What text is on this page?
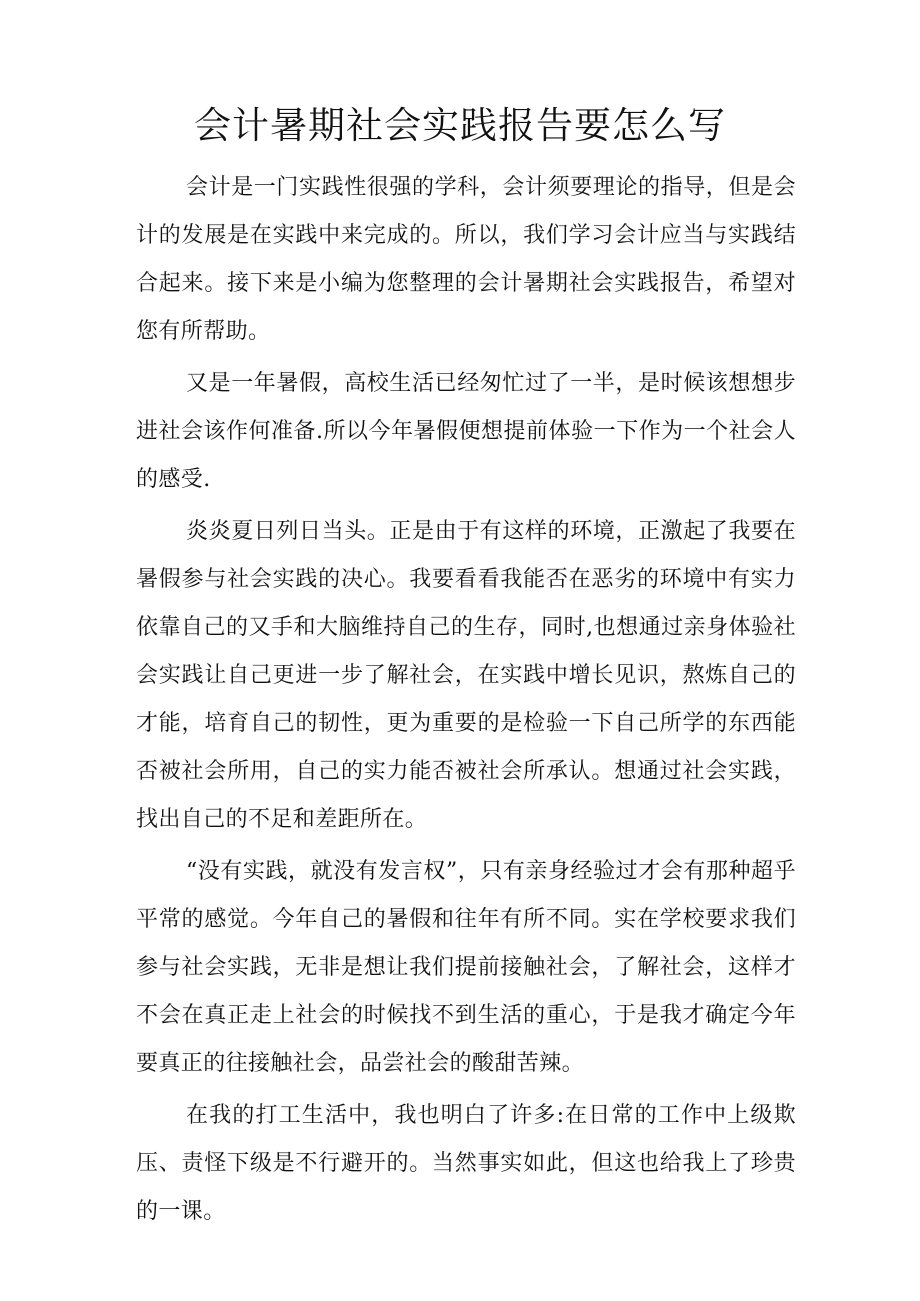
会计暑期社会实践报告要怎么写

会计是一门实践性很强的学科，会计须要理论的指导，但是会计的发展是在实践中来完成的。所以，我们学习会计应当与实践结合起来。接下来是小编为您整理的会计暑期社会实践报告，希望对您有所帮助。

又是一年暑假，高校生活已经匆忙过了一半，是时候该想想步进社会该作何准备.所以今年暑假便想提前体验一下作为一个社会人的感受.

炎炎夏日列日当头。正是由于有这样的环境，正激起了我要在暑假参与社会实践的决心。我要看看我能否在恶劣的环境中有实力依靠自己的又手和大脑维持自己的生存，同时,也想通过亲身体验社会实践让自己更进一步了解社会，在实践中增长见识，熬炼自己的才能，培育自己的韧性，更为重要的是检验一下自己所学的东西能否被社会所用，自己的实力能否被社会所承认。想通过社会实践，找出自己的不足和差距所在。

“没有实践，就没有发言权”，只有亲身经验过才会有那种超乎平常的感觉。今年自己的暑假和往年有所不同。实在学校要求我们参与社会实践，无非是想让我们提前接触社会，了解社会，这样才不会在真正走上社会的时候找不到生活的重心，于是我才确定今年要真正的往接触社会，品尝社会的酸甜苦辣。

在我的打工生活中，我也明白了许多:在日常的工作中上级欺压、责怪下级是不行避开的。当然事实如此，但这也给我上了珍贵的一课。
